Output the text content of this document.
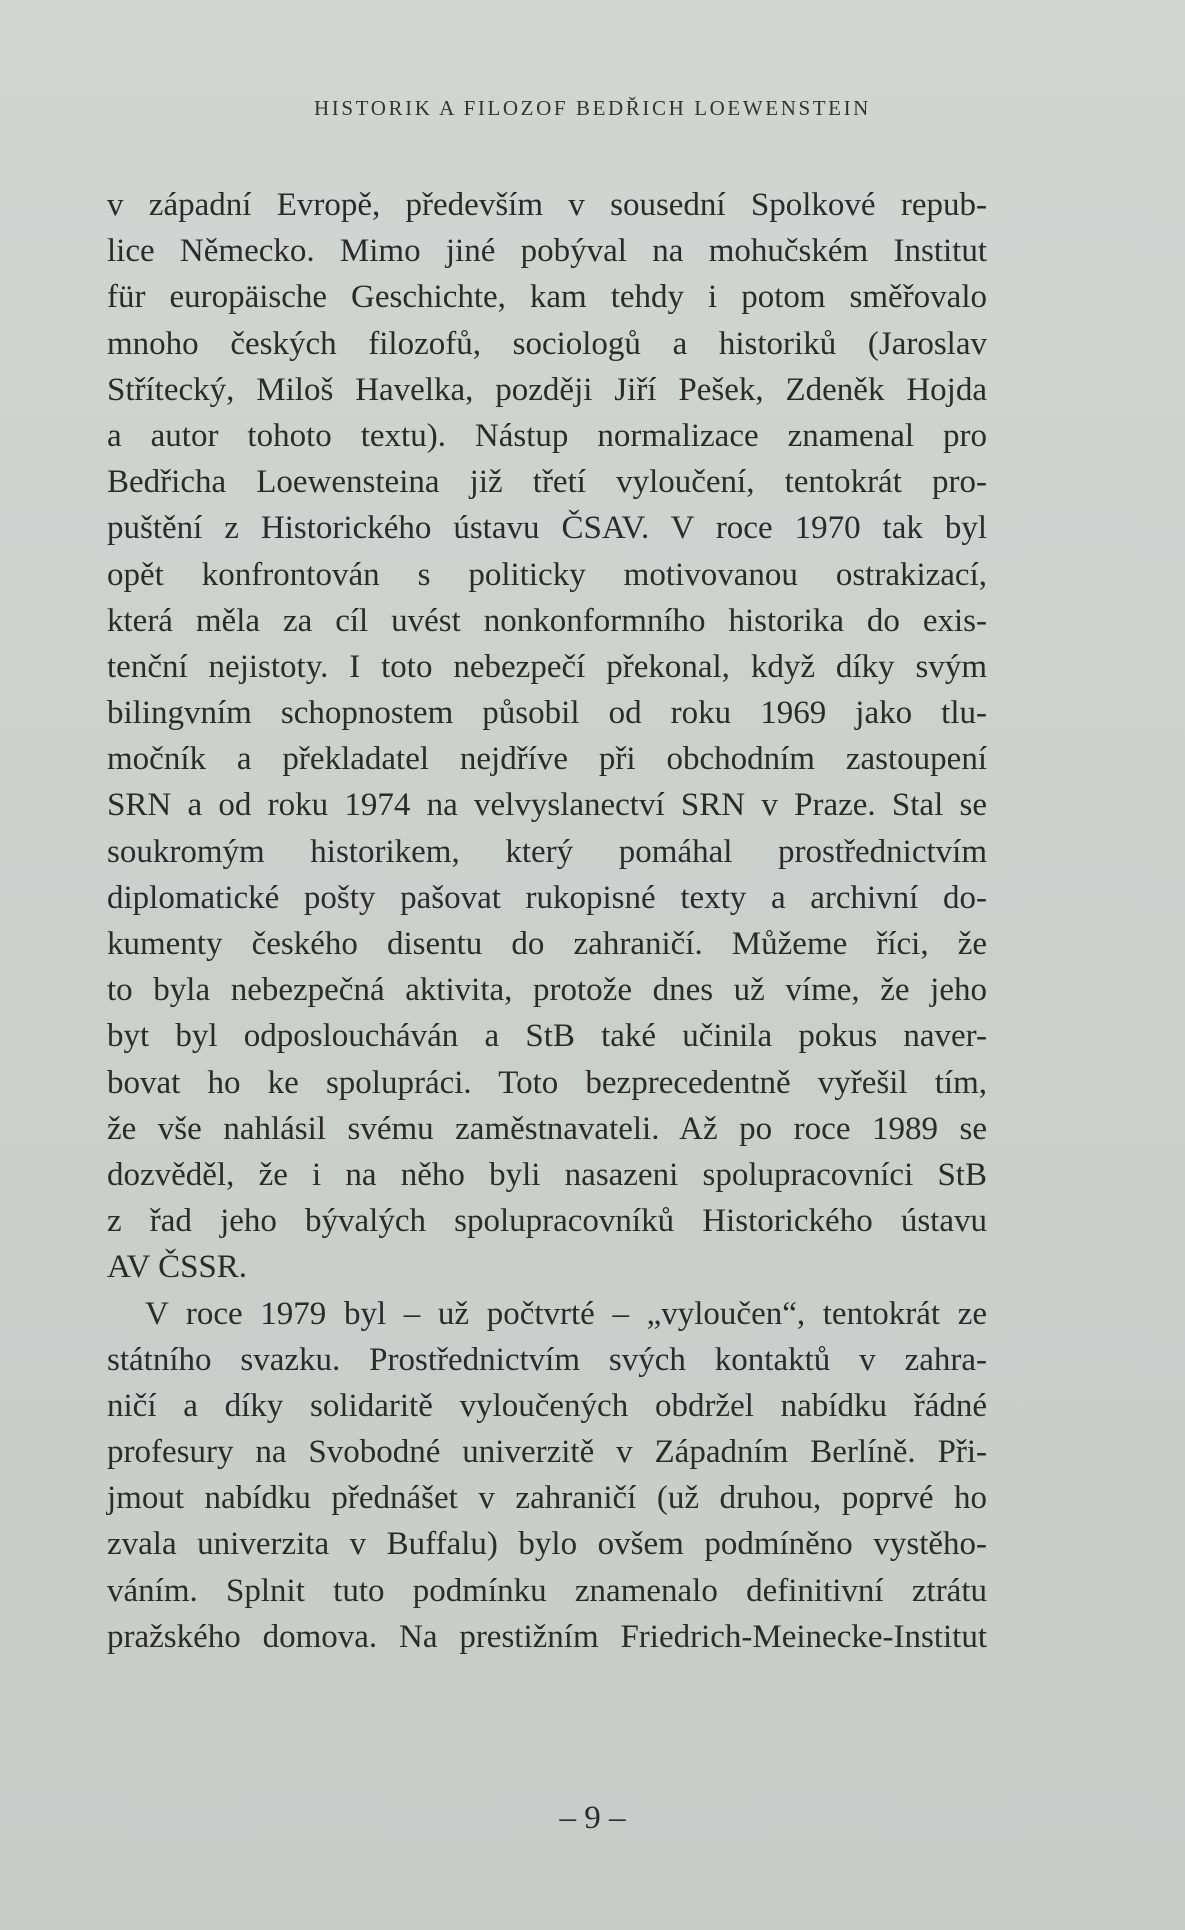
HISTORIK A FILOZOF BEDŘICH LOEWENSTEIN
v západní Evropě, především v sousední Spolkové repub-
lice Německo. Mimo jiné pobýval na mohučském Institut
für europäische Geschichte, kam tehdy i potom směřovalo
mnoho českých filozofů, sociologů a historiků (Jaroslav
Střítecký, Miloš Havelka, později Jiří Pešek, Zdeněk Hojda
a autor tohoto textu). Nástup normalizace znamenal pro
Bedřicha Loewensteina již třetí vyloučení, tentokrát pro-
puštění z Historického ústavu ČSAV. V roce 1970 tak byl
opět konfrontován s politicky motivovanou ostrakizací,
která měla za cíl uvést nonkonformního historika do exis-
tenční nejistoty. I toto nebezpečí překonal, když díky svým
bilingvním schopnostem působil od roku 1969 jako tlu-
močník a překladatel nejdříve při obchodním zastoupení
SRN a od roku 1974 na velvyslanectví SRN v Praze. Stal se
soukromým historikem, který pomáhal prostřednictvím
diplomatické pošty pašovat rukopisné texty a archivní do-
kumenty českého disentu do zahraničí. Můžeme říci, že
to byla nebezpečná aktivita, protože dnes už víme, že jeho
byt byl odposloucháván a StB také učinila pokus naver-
bovat ho ke spolupráci. Toto bezprecedentně vyřešil tím,
že vše nahlásil svému zaměstnavateli. Až po roce 1989 se
dozvěděl, že i na něho byli nasazeni spolupracovníci StB
z řad jeho bývalých spolupracovníků Historického ústavu
AV ČSSR.
V roce 1979 byl – už počtvrté – „vyloučen“, tentokrát ze
státního svazku. Prostřednictvím svých kontaktů v zahra-
ničí a díky solidaritě vyloučených obdržel nabídku řádné
profesury na Svobodné univerzitě v Západním Berlíně. Při-
jmout nabídku přednášet v zahraničí (už druhou, poprvé ho
zvala univerzita v Buffalu) bylo ovšem podmíněno vystěho-
váním. Splnit tuto podmínku znamenalo definitivní ztrátu
pražského domova. Na prestižním Friedrich-Meinecke-Institut
– 9 –
